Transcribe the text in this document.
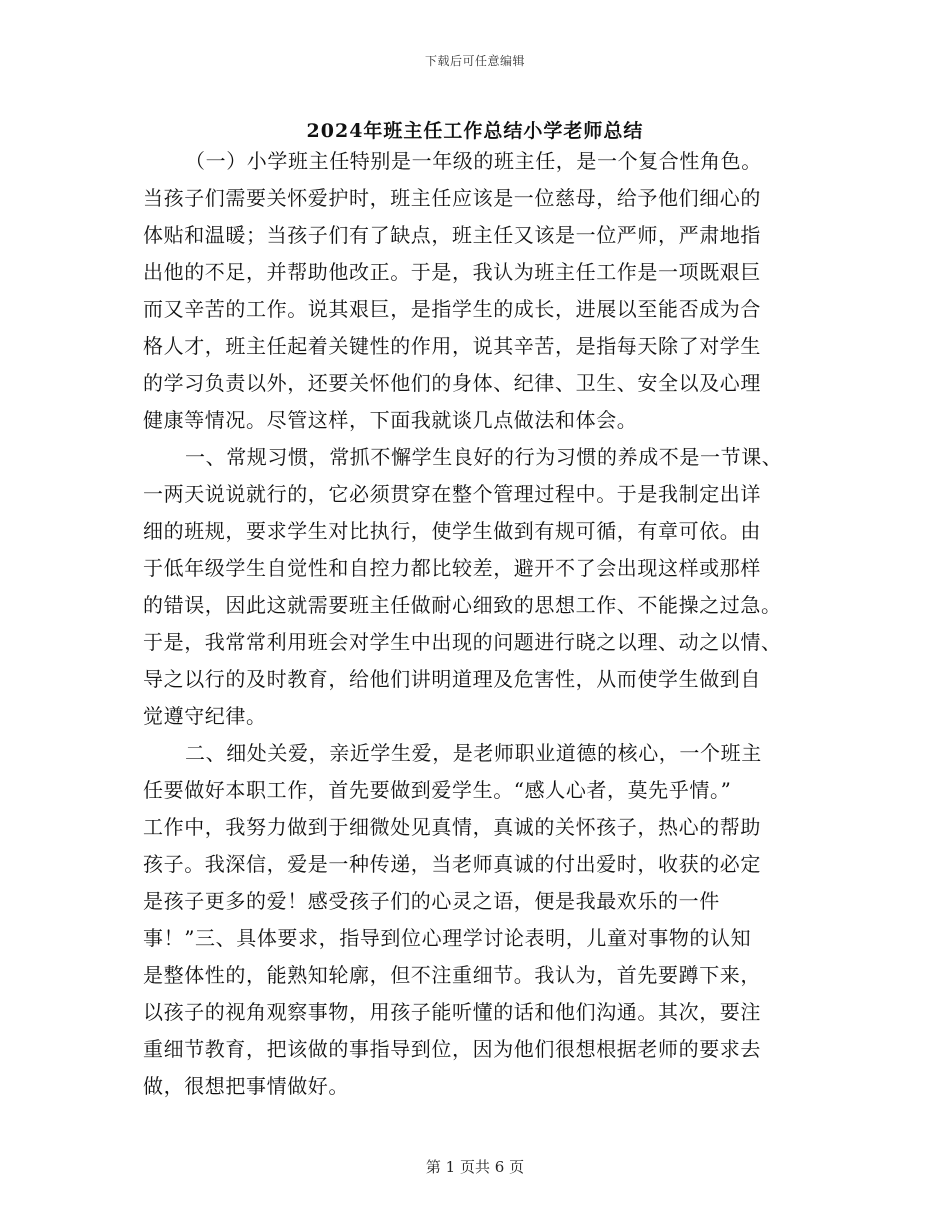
下载后可任意编辑
2024年班主任工作总结小学老师总结
（一）小学班主任特别是一年级的班主任，是一个复合性角色。
当孩子们需要关怀爱护时，班主任应该是一位慈母，给予他们细心的
体贴和温暖；当孩子们有了缺点，班主任又该是一位严师，严肃地指
出他的不足，并帮助他改正。于是，我认为班主任工作是一项既艰巨
而又辛苦的工作。说其艰巨，是指学生的成长，进展以至能否成为合
格人才，班主任起着关键性的作用，说其辛苦，是指每天除了对学生
的学习负责以外，还要关怀他们的身体、纪律、卫生、安全以及心理
健康等情况。尽管这样，下面我就谈几点做法和体会。
一、常规习惯，常抓不懈学生良好的行为习惯的养成不是一节课、
一两天说说就行的，它必须贯穿在整个管理过程中。于是我制定出详
细的班规，要求学生对比执行，使学生做到有规可循，有章可依。由
于低年级学生自觉性和自控力都比较差，避开不了会出现这样或那样
的错误，因此这就需要班主任做耐心细致的思想工作、不能操之过急。
于是，我常常利用班会对学生中出现的问题进行晓之以理、动之以情、
导之以行的及时教育，给他们讲明道理及危害性，从而使学生做到自
觉遵守纪律。
二、细处关爱，亲近学生爱，是老师职业道德的核心，一个班主
任要做好本职工作，首先要做到爱学生。“感人心者，莫先乎情。”
工作中，我努力做到于细微处见真情，真诚的关怀孩子，热心的帮助
孩子。我深信，爱是一种传递，当老师真诚的付出爱时，收获的必定
是孩子更多的爱！感受孩子们的心灵之语，便是我最欢乐的一件
事！”三、具体要求，指导到位心理学讨论表明，儿童对事物的认知
是整体性的，能熟知轮廓，但不注重细节。我认为，首先要蹲下来，
以孩子的视角观察事物，用孩子能听懂的话和他们沟通。其次，要注
重细节教育，把该做的事指导到位，因为他们很想根据老师的要求去
做，很想把事情做好。
第 1 页共 6 页
